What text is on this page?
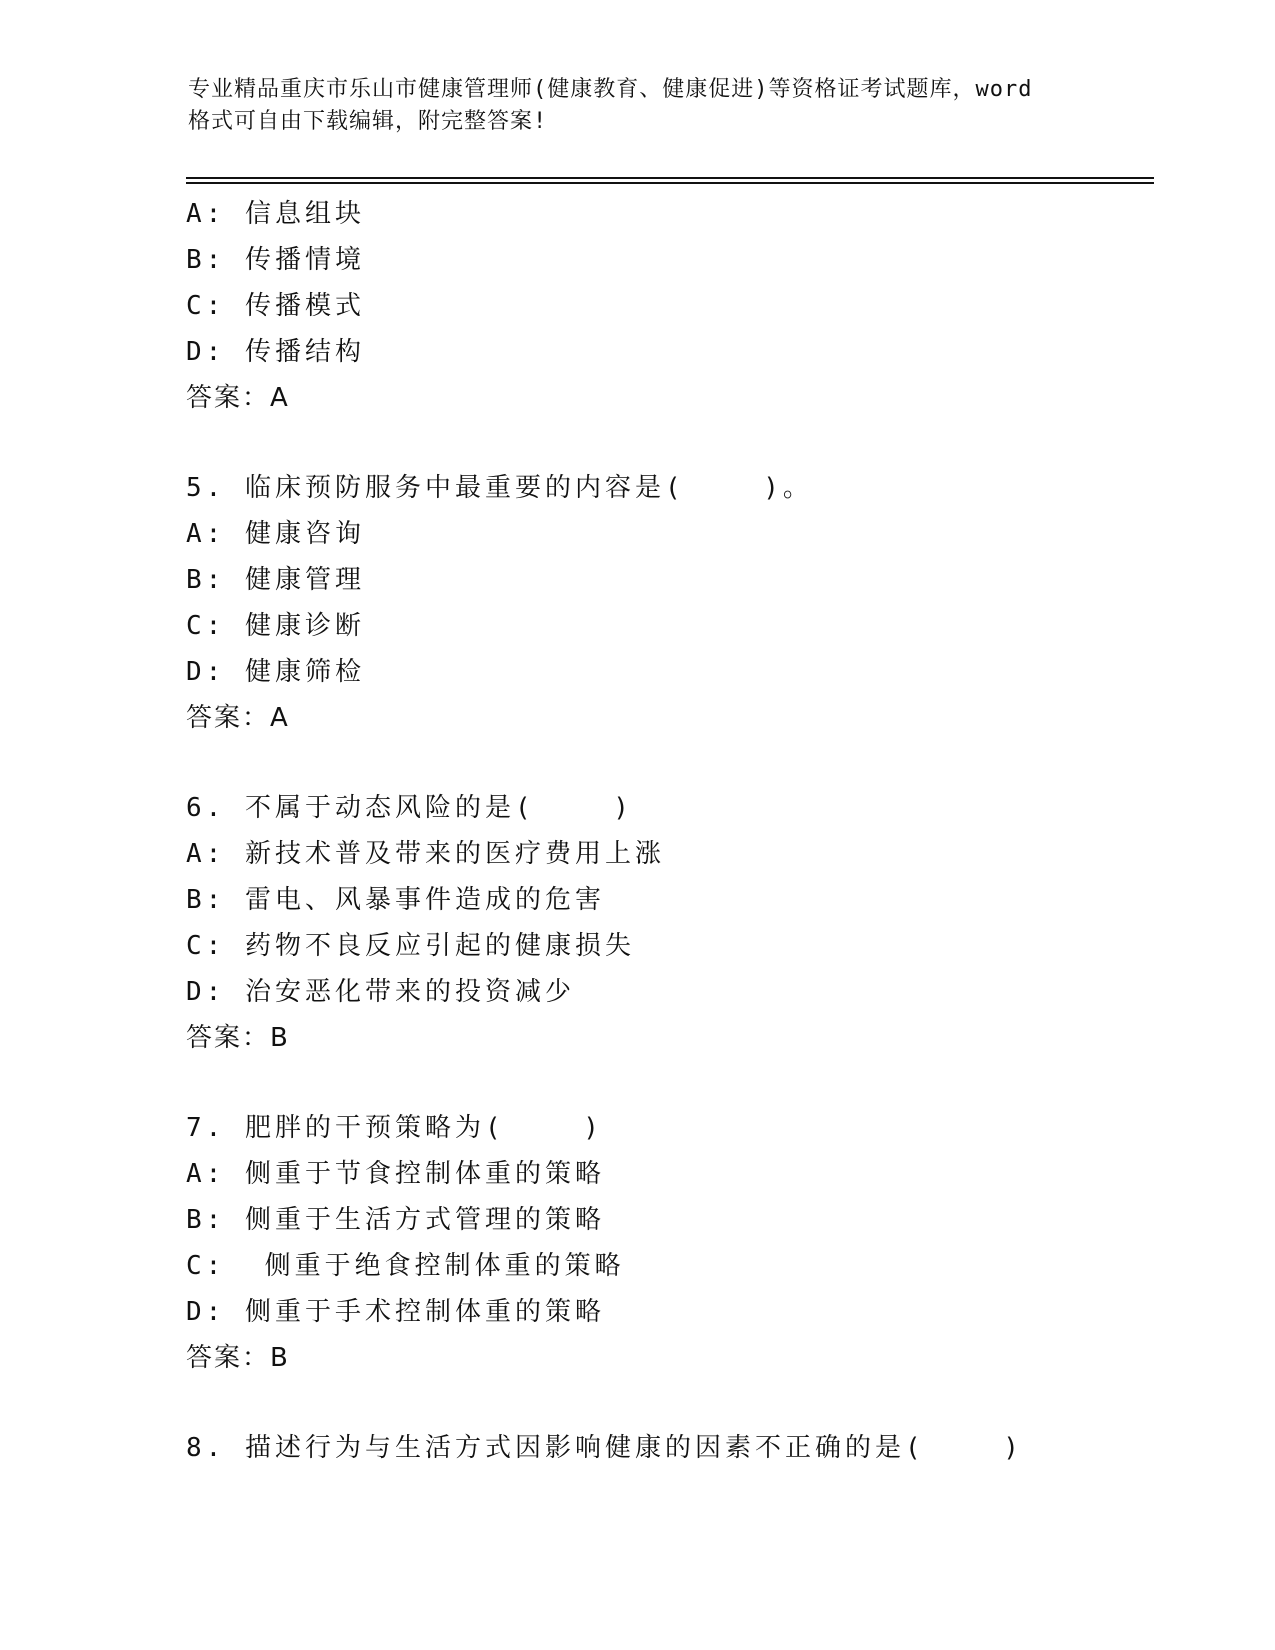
专业精品重庆市乐山市健康管理师(健康教育、健康促进)等资格证考试题库，word
格式可自由下载编辑，附完整答案!
A: 信息组块
B: 传播情境
C: 传播模式
D: 传播结构
答案：A
5. 临床预防服务中最重要的内容是(    )。
A: 健康咨询
B: 健康管理
C: 健康诊断
D: 健康筛检
答案：A
6. 不属于动态风险的是(    )
A: 新技术普及带来的医疗费用上涨
B: 雷电、风暴事件造成的危害
C: 药物不良反应引起的健康损失
D: 治安恶化带来的投资减少
答案：B
7. 肥胖的干预策略为(    )
A: 侧重于节食控制体重的策略
B: 侧重于生活方式管理的策略
C:  侧重于绝食控制体重的策略
D: 侧重于手术控制体重的策略
答案：B
8. 描述行为与生活方式因影响健康的因素不正确的是(    )
